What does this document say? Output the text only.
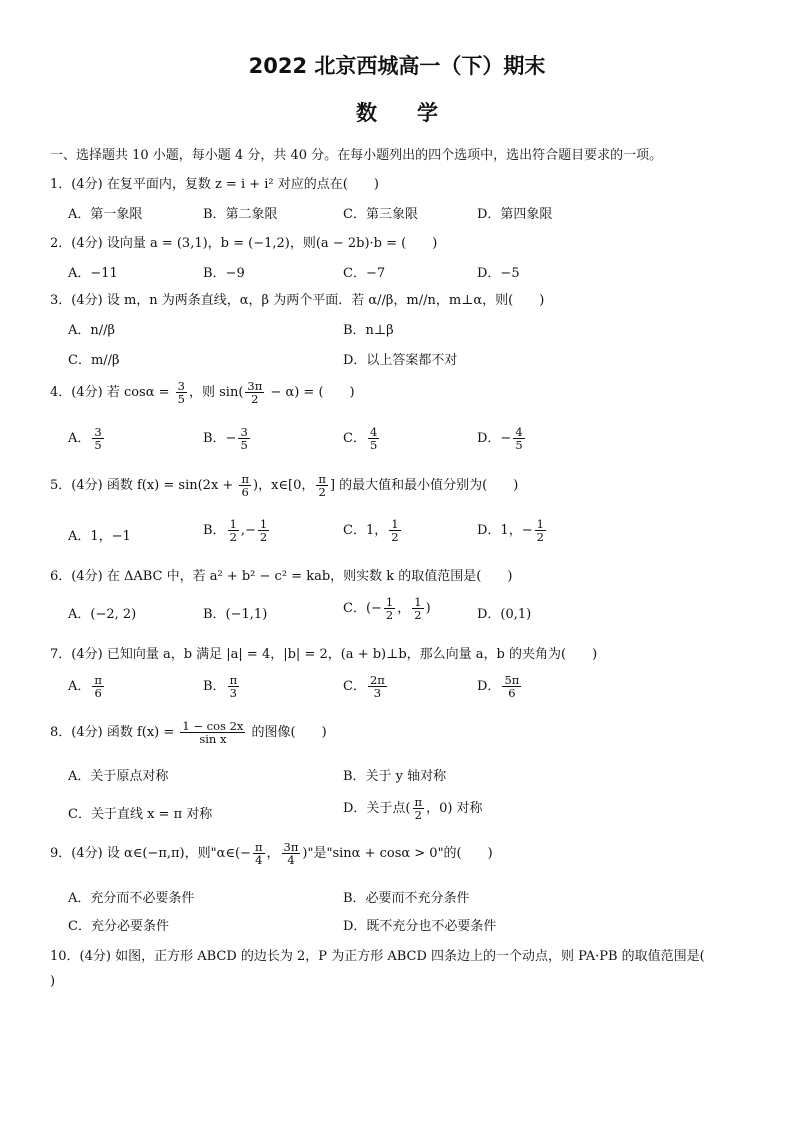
2022 北京西城高一（下）期末
数学
一、选择题共 10 小题，每小题 4 分，共 40 分。在每小题列出的四个选项中，选出符合题目要求的一项。
1．(4分) 在复平面内，复数 z = i + i² 对应的点在(　　)
A．第一象限	B．第二象限	C．第三象限	D．第四象限
2．(4分) 设向量 a = (3,1)，b = (−1,2)，则(a − 2b)·b = (　　)
A．−11	B．−9	C．−7	D．−5
3．(4分) 设 m，n 为两条直线，α，β 为两个平面．若 α//β，m//n，m⊥α，则(　　)
A．n//β	B．n⊥β
C．m//β	D．以上答案都不对
4．(4分) 若 $\cos\alpha = \frac{3}{5}$ ，则 $\sin( \frac{3\pi}{2} - \alpha)$ = (　　)
A． $\frac{3}{5}$	B．− $\frac{3}{5}$	C． $\frac{4}{5}$	D．− $\frac{4}{5}$
5．(4分) 函数 $f(x) = \sin(2x + \frac{\pi}{6}$ )，x∈[0， $\frac{\pi}{2}$ ] 的最大值和最小值分别为(　　)
A．1，−1	B． $\frac{1}{2}$ ,− $\frac{1}{2}$	C．1， $\frac{1}{2}$	D．1，− $\frac{1}{2}$
6．(4分) 在 ΔABC 中，若 a² + b² − c² = kab，则实数 k 的取值范围是(　　)
A．(−2, 2)	B．(−1,1)	C．(− $\frac{1}{2}$ ， $\frac{1}{2}$ )	D．(0,1)
7．(4分) 已知向量 a，b 满足 |a| = 4，|b| = 2，(a + b)⊥b，那么向量 a，b 的夹角为(　　)
A． $\frac{\pi}{6}$	B． $\frac{\pi}{3}$	C． $\frac{2\pi}{3}$	D． $\frac{5\pi}{6}$
8．(4分) 函数 $f(x) = \frac{1 - \cos 2x}{\text{sin x}}$ 的图像(　　)
A．关于原点对称	B．关于 y 轴对称
C．关于直线 x = π 对称	D．关于点( $\frac{\pi}{2}$ ，0) 对称
9．(4分) 设 α∈(−π,π)，则"α∈(− $\frac{\pi}{4}$ ， $\frac{3\pi}{4}$ )"是"sinα + cosα > 0"的(　　)
A．充分而不必要条件	B．必要而不充分条件
C．充分必要条件	D．既不充分也不必要条件
10．(4分) 如图，正方形 ABCD 的边长为 2，P 为正方形 ABCD 四条边上的一个动点，则 PA·PB 的取值范围是(
)
